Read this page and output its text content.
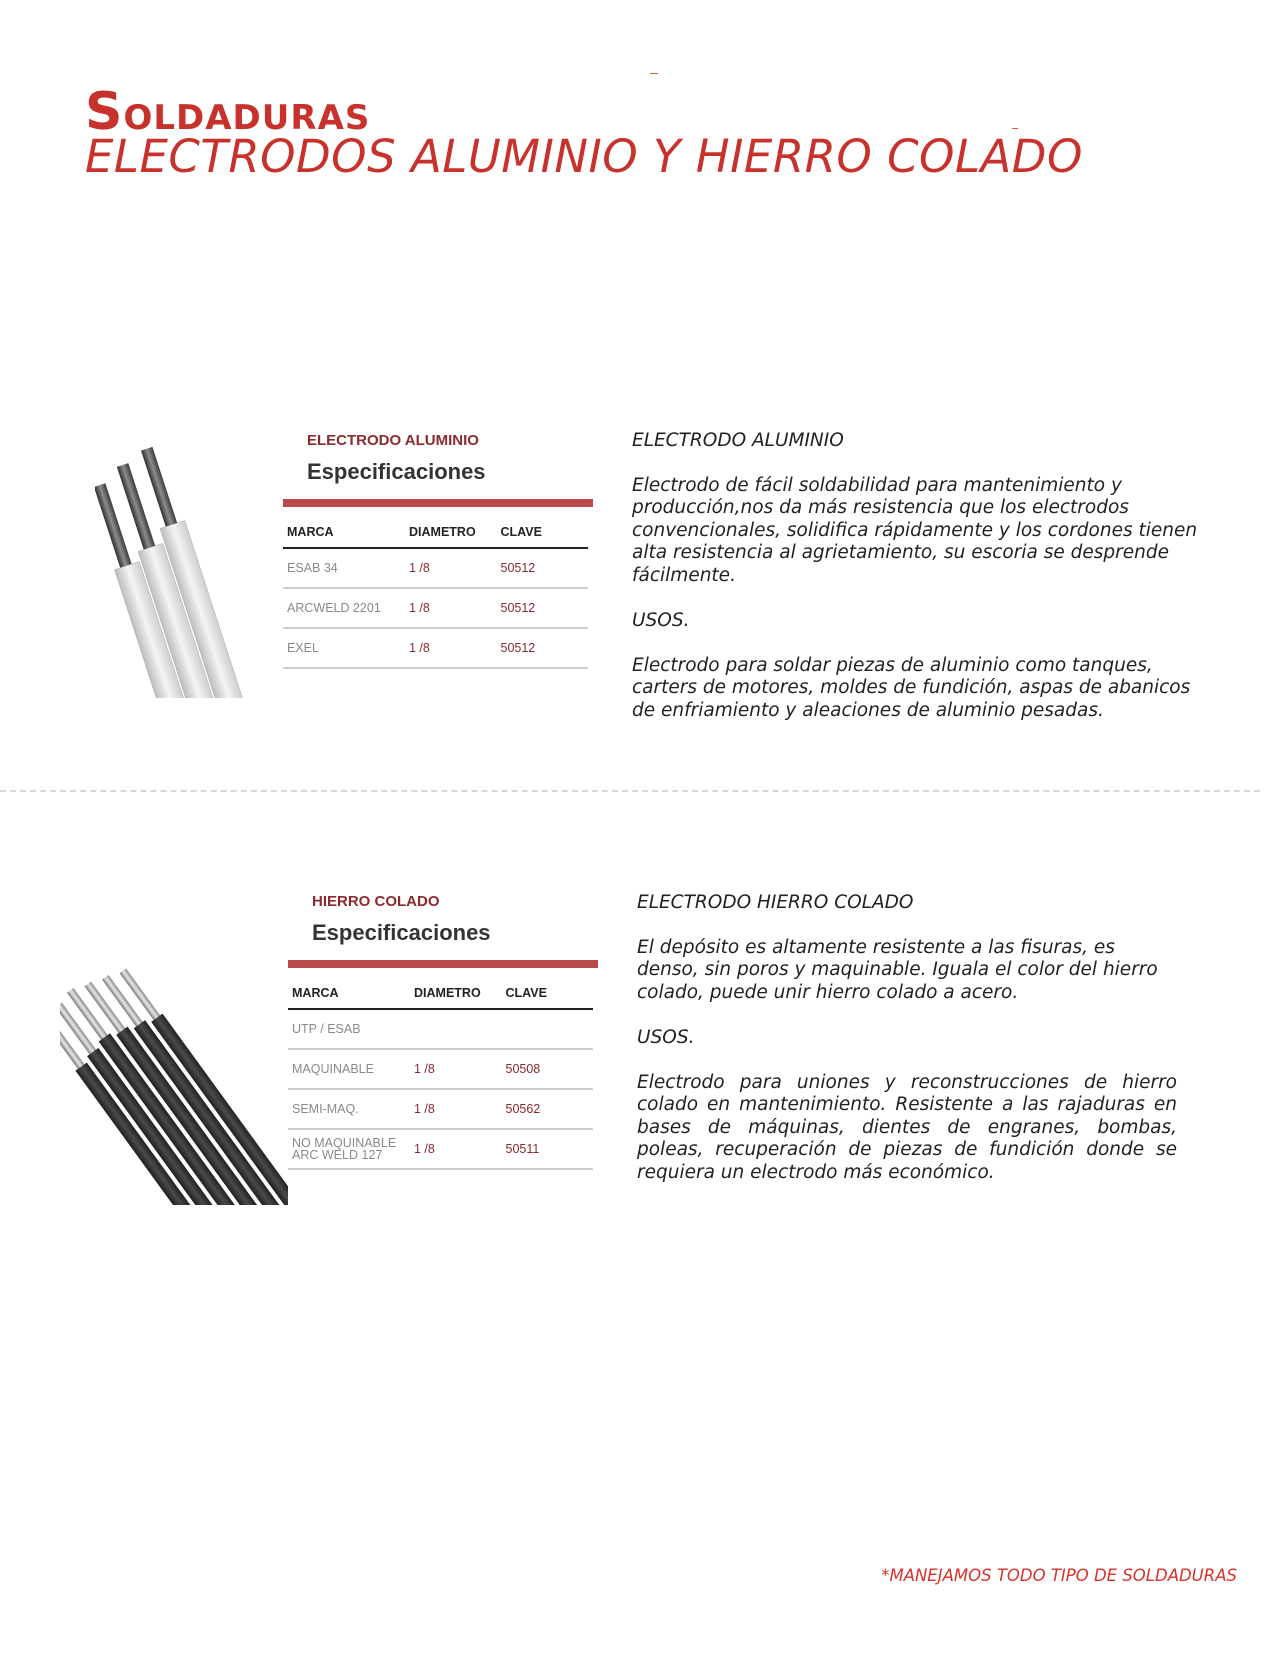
SOLDADURAS
ELECTRODOS ALUMINIO Y HIERRO COLADO
ELECTRODO ALUMINIO
Especificaciones
MARCA	DIAMETRO	CLAVE
ESAB 34	1 /8	50512
ARCWELD 2201	1 /8	50512
EXEL	1 /8	50512

ELECTRODO ALUMINIO

Electrodo de fácil soldabilidad para mantenimiento y producción,nos da más resistencia que los electrodos convencionales, solidifica rápidamente y los cordones tienen alta resistencia al agrietamiento, su escoria se desprende fácilmente.

USOS.

Electrodo para soldar piezas de aluminio como tanques, carters de motores, moldes de fundición, aspas de abanicos de enfriamiento y aleaciones de aluminio pesadas.

HIERRO COLADO
Especificaciones
MARCA	DIAMETRO	CLAVE
UTP / ESAB		
MAQUINABLE	1 /8	50508
SEMI-MAQ.	1 /8	50562

NO MAQUINABLE
ARC WELD 127	1 /8	50511

ELECTRODO HIERRO COLADO

El depósito es altamente resistente a las fisuras, es denso, sin poros y maquinable. Iguala el color del hierro colado, puede unir hierro colado a acero.

USOS.

Electrodo para uniones y reconstrucciones de hierro colado en mantenimiento. Resistente a las rajaduras en bases de máquinas, dientes de engranes, bombas, poleas, recuperación de piezas de fundición donde se requiera un electrodo más económico.

*MANEJAMOS TODO TIPO DE SOLDADURAS
